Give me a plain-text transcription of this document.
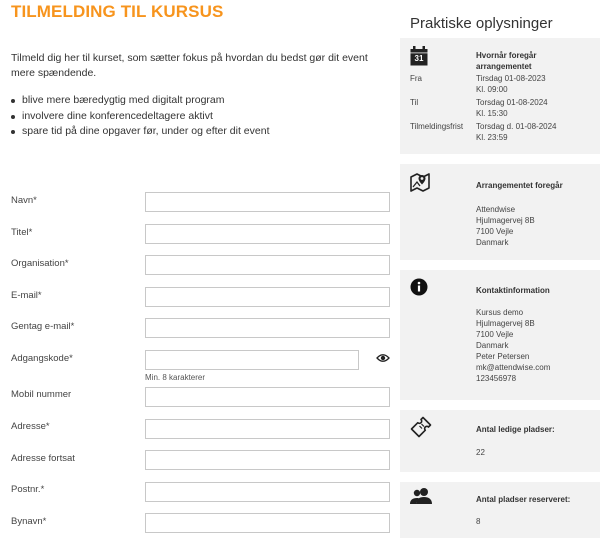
TILMELDING TIL KURSUS

Tilmeld dig her til kurset, som sætter fokus på hvordan du bedst gør dit event mere spændende.

blive mere bæredygtig med digitalt program
involvere dine konferencedeltagere aktivt
spare tid på dine opgaver før, under og efter dit event
Navn*
Titel*
Organisation*
E-mail*
Gentag e-mail*
Adgangskode*
Min. 8 karakterer
Mobil nummer
Adresse*
Adresse fortsat
Postnr.*
Bynavn*
Praktiske oplysninger
31	Hvornår foregår arrangementet
Fra	Tirsdag 01-08-2023
Kl. 09:00
Til	Torsdag 01-08-2024
Kl. 15:30
Tilmeldingsfrist Torsdag d. 01-08-2024
Kl. 23:59
Arrangementet foregår
Attendwise
Hjulmagervej 8B
7100 Vejle
Danmark
Kontaktinformation
Kursus demo
Hjulmagervej 8B
7100 Vejle
Danmark
Peter Petersen
mk@attendwise.com
123456978
Antal ledige pladser:
22
Antal pladser reserveret:
8
